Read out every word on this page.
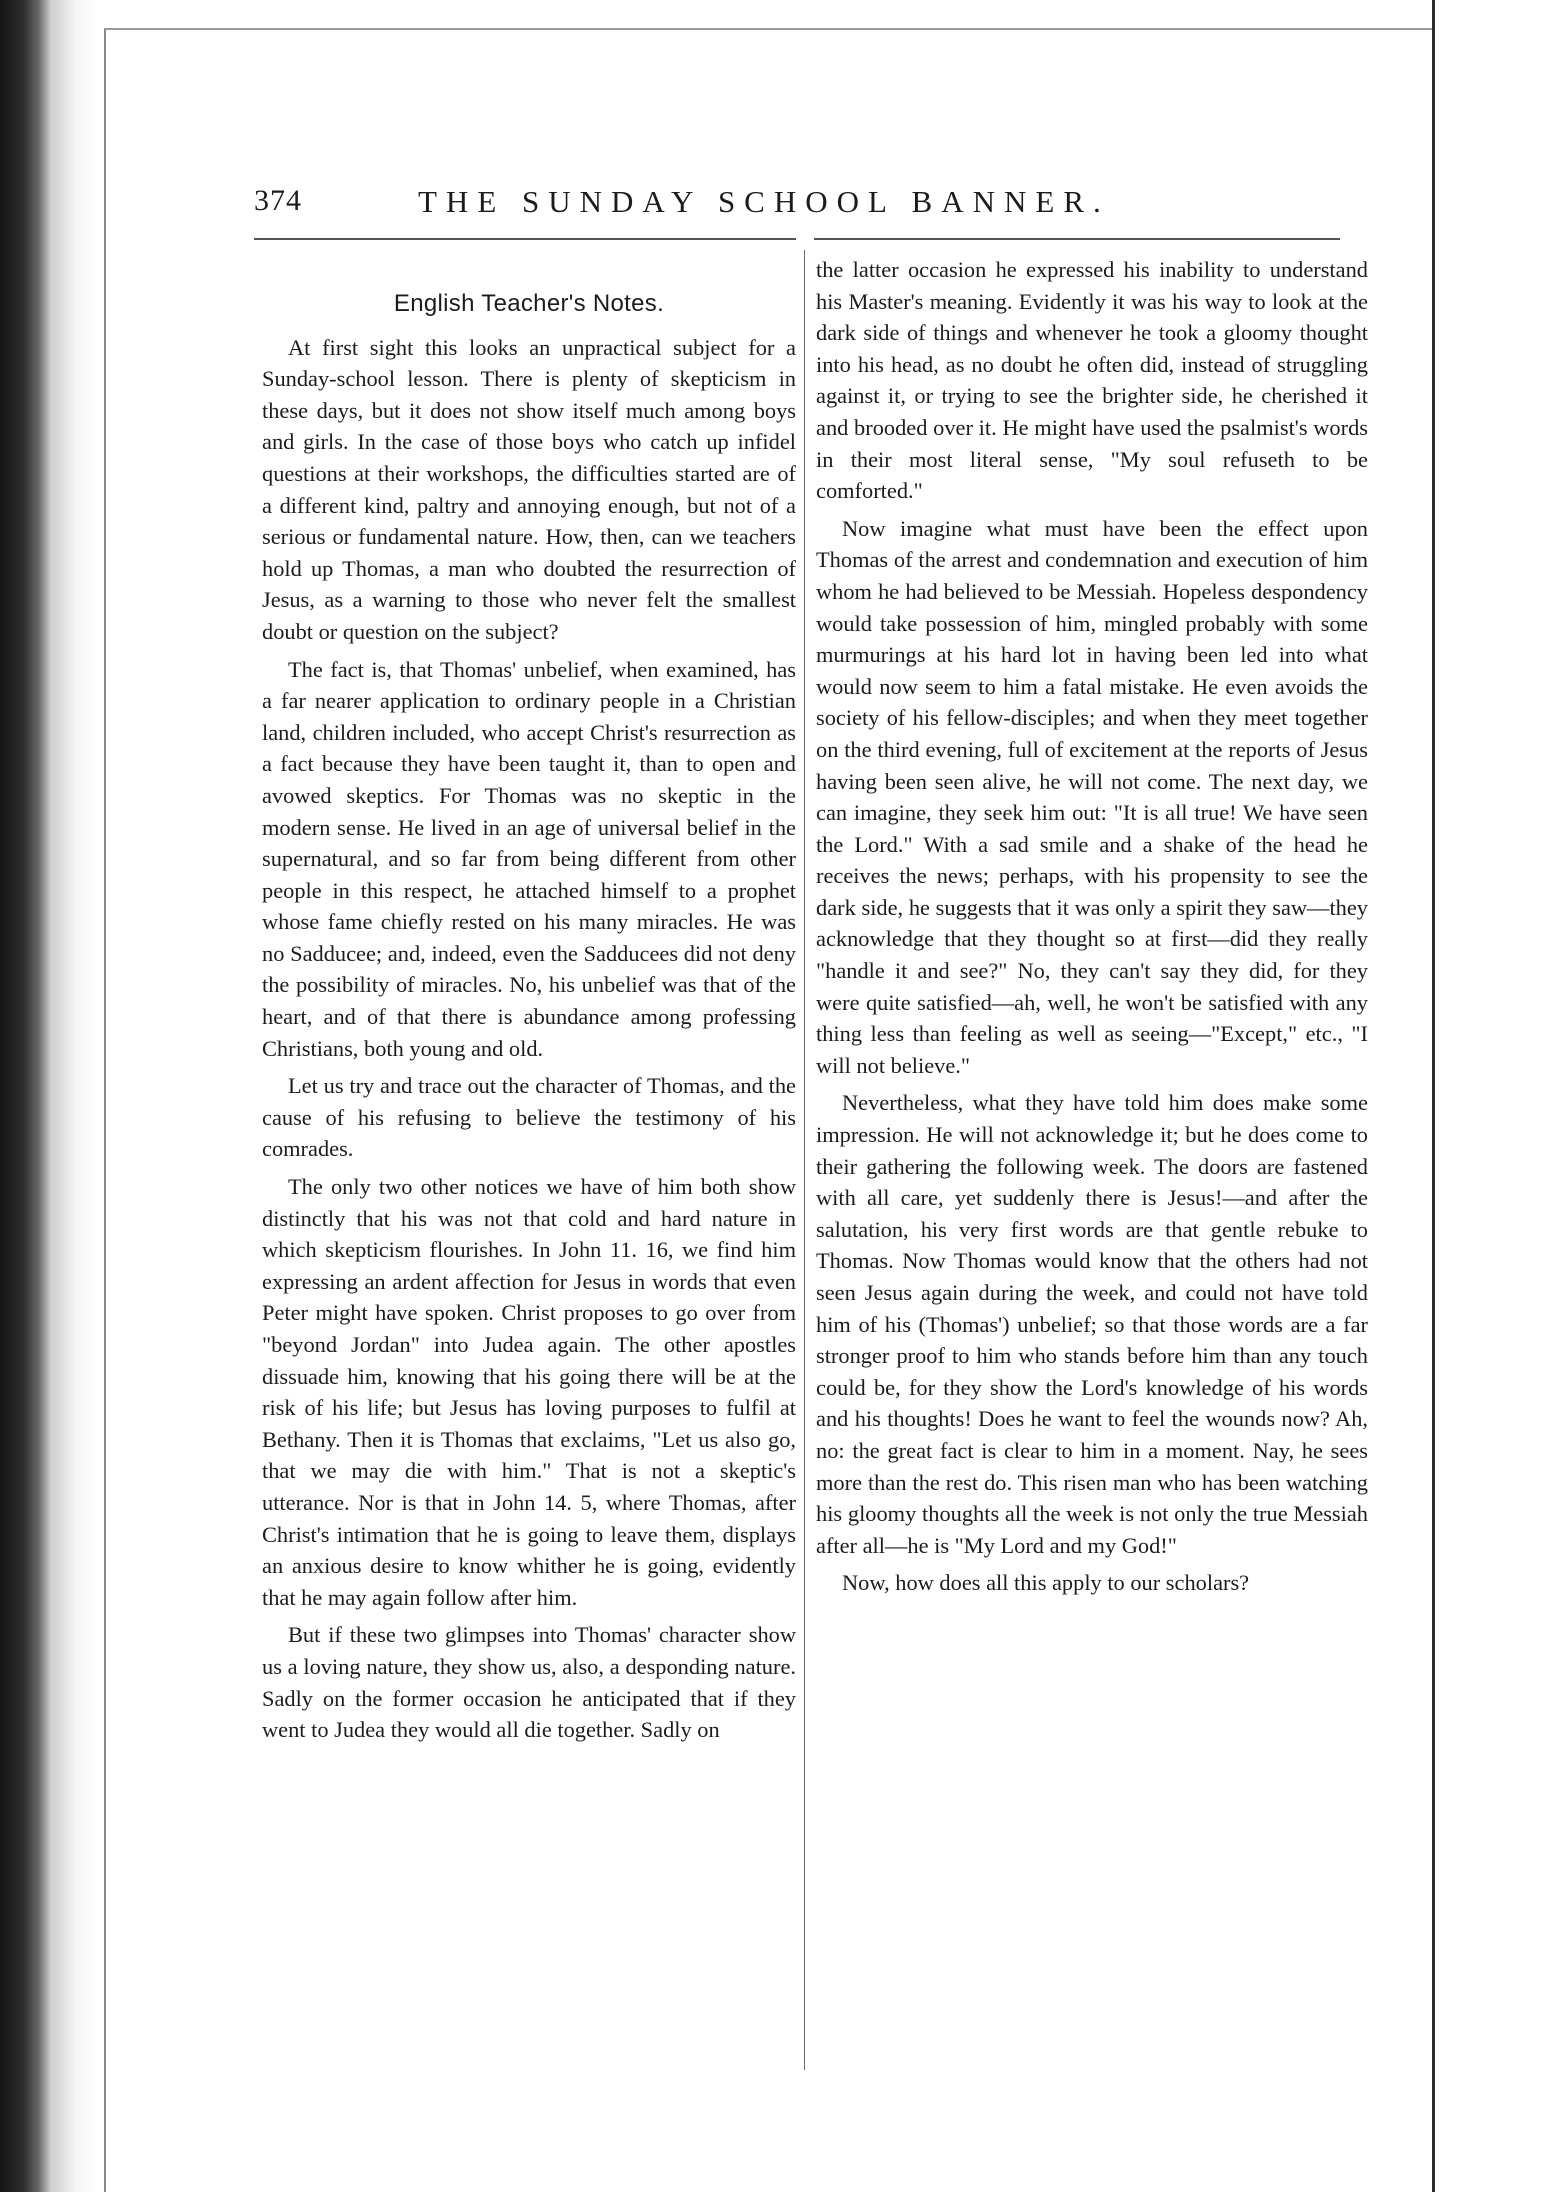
374	THE SUNDAY SCHOOL BANNER.
English Teacher's Notes.

At first sight this looks an unpractical subject for a Sunday-school lesson. There is plenty of skepticism in these days, but it does not show itself much among boys and girls. In the case of those boys who catch up infidel questions at their workshops, the difficulties started are of a different kind, paltry and annoying enough, but not of a serious or fundamental nature. How, then, can we teachers hold up Thomas, a man who doubted the resurrection of Jesus, as a warning to those who never felt the smallest doubt or question on the subject?

The fact is, that Thomas' unbelief, when examined, has a far nearer application to ordinary people in a Christian land, children included, who accept Christ's resurrection as a fact because they have been taught it, than to open and avowed skeptics. For Thomas was no skeptic in the modern sense. He lived in an age of universal belief in the supernatural, and so far from being different from other people in this respect, he attached himself to a prophet whose fame chiefly rested on his many miracles. He was no Sadducee; and, indeed, even the Sadducees did not deny the possibility of miracles. No, his unbelief was that of the heart, and of that there is abundance among professing Christians, both young and old.

Let us try and trace out the character of Thomas, and the cause of his refusing to believe the testimony of his comrades.

The only two other notices we have of him both show distinctly that his was not that cold and hard nature in which skepticism flourishes. In John 11. 16, we find him expressing an ardent affection for Jesus in words that even Peter might have spoken. Christ proposes to go over from "beyond Jordan" into Judea again. The other apostles dissuade him, knowing that his going there will be at the risk of his life; but Jesus has loving purposes to fulfil at Bethany. Then it is Thomas that exclaims, "Let us also go, that we may die with him." That is not a skeptic's utterance. Nor is that in John 14. 5, where Thomas, after Christ's intimation that he is going to leave them, displays an anxious desire to know whither he is going, evidently that he may again follow after him.

But if these two glimpses into Thomas' character show us a loving nature, they show us, also, a desponding nature. Sadly on the former occasion he anticipated that if they went to Judea they would all die together. Sadly on

the latter occasion he expressed his inability to understand his Master's meaning. Evidently it was his way to look at the dark side of things and whenever he took a gloomy thought into his head, as no doubt he often did, instead of struggling against it, or trying to see the brighter side, he cherished it and brooded over it. He might have used the psalmist's words in their most literal sense, "My soul refuseth to be comforted."

Now imagine what must have been the effect upon Thomas of the arrest and condemnation and execution of him whom he had believed to be Messiah. Hopeless despondency would take possession of him, mingled probably with some murmurings at his hard lot in having been led into what would now seem to him a fatal mistake. He even avoids the society of his fellow-disciples; and when they meet together on the third evening, full of excitement at the reports of Jesus having been seen alive, he will not come. The next day, we can imagine, they seek him out: "It is all true! We have seen the Lord." With a sad smile and a shake of the head he receives the news; perhaps, with his propensity to see the dark side, he suggests that it was only a spirit they saw—they acknowledge that they thought so at first—did they really "handle it and see?" No, they can't say they did, for they were quite satisfied—ah, well, he won't be satisfied with any thing less than feeling as well as seeing—"Except," etc., "I will not believe."

Nevertheless, what they have told him does make some impression. He will not acknowledge it; but he does come to their gathering the following week. The doors are fastened with all care, yet suddenly there is Jesus!—and after the salutation, his very first words are that gentle rebuke to Thomas. Now Thomas would know that the others had not seen Jesus again during the week, and could not have told him of his (Thomas') unbelief; so that those words are a far stronger proof to him who stands before him than any touch could be, for they show the Lord's knowledge of his words and his thoughts! Does he want to feel the wounds now? Ah, no: the great fact is clear to him in a moment. Nay, he sees more than the rest do. This risen man who has been watching his gloomy thoughts all the week is not only the true Messiah after all—he is "My Lord and my God!"

Now, how does all this apply to our scholars?
